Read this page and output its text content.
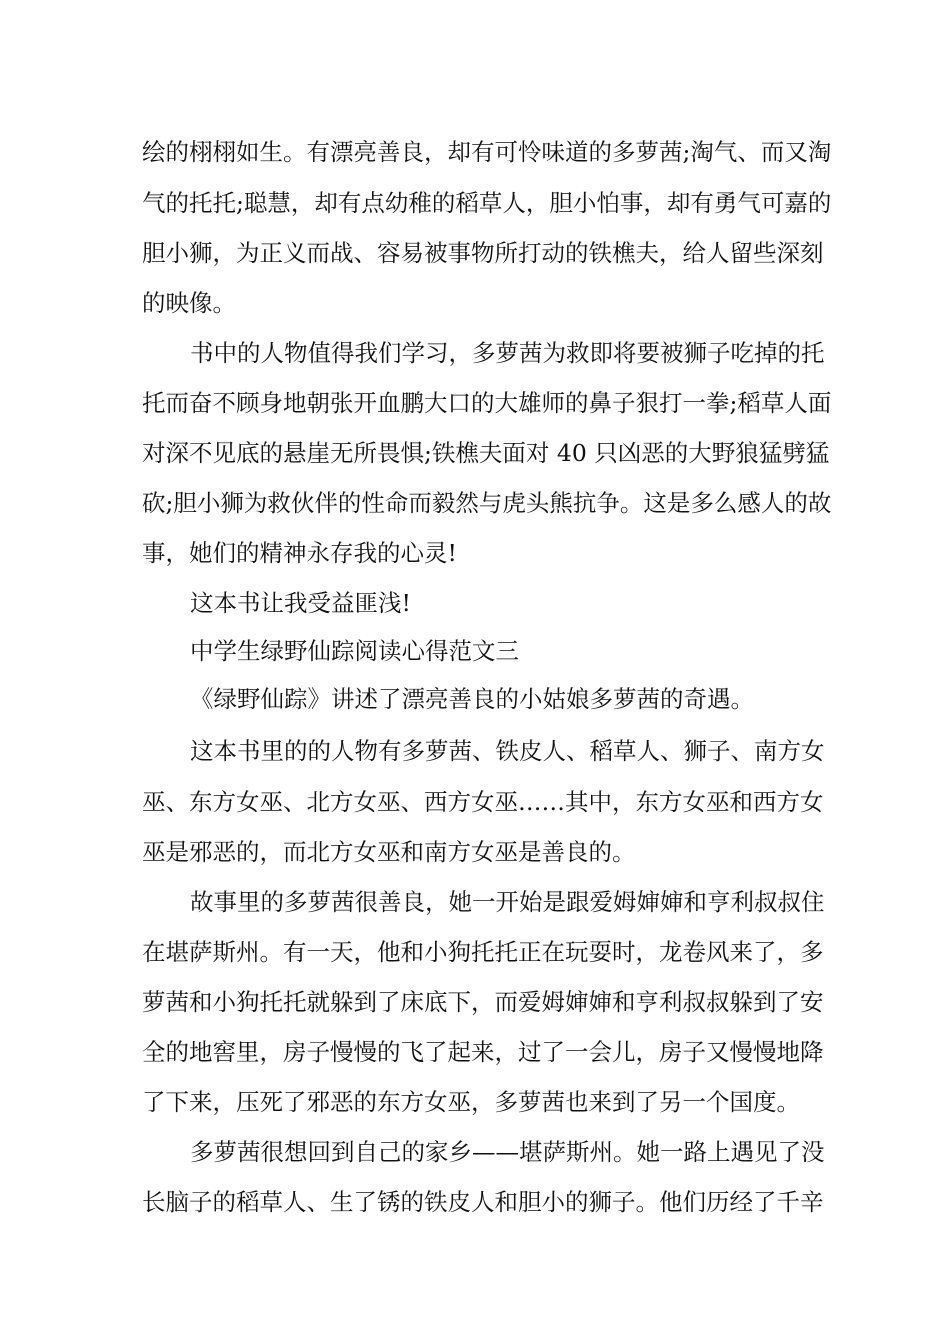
绘的栩栩如生。有漂亮善良，却有可怜味道的多萝茜;淘气、而又淘
气的托托;聪慧，却有点幼稚的稻草人，胆小怕事，却有勇气可嘉的
胆小狮，为正义而战、容易被事物所打动的铁樵夫，给人留些深刻
的映像。
书中的人物值得我们学习，多萝茜为救即将要被狮子吃掉的托
托而奋不顾身地朝张开血鹏大口的大雄师的鼻子狠打一拳;稻草人面
对深不见底的悬崖无所畏惧;铁樵夫面对 40 只凶恶的大野狼猛劈猛
砍;胆小狮为救伙伴的性命而毅然与虎头熊抗争。这是多么感人的故
事，她们的精神永存我的心灵!
这本书让我受益匪浅!
中学生绿野仙踪阅读心得范文三
《绿野仙踪》讲述了漂亮善良的小姑娘多萝茜的奇遇。
这本书里的的人物有多萝茜、铁皮人、稻草人、狮子、南方女
巫、东方女巫、北方女巫、西方女巫……其中，东方女巫和西方女
巫是邪恶的，而北方女巫和南方女巫是善良的。
故事里的多萝茜很善良，她一开始是跟爱姆婶婶和亨利叔叔住
在堪萨斯州。有一天，他和小狗托托正在玩耍时，龙卷风来了，多
萝茜和小狗托托就躲到了床底下，而爱姆婶婶和亨利叔叔躲到了安
全的地窖里，房子慢慢的飞了起来，过了一会儿，房子又慢慢地降
了下来，压死了邪恶的东方女巫，多萝茜也来到了另一个国度。
多萝茜很想回到自己的家乡——堪萨斯州。她一路上遇见了没
长脑子的稻草人、生了锈的铁皮人和胆小的狮子。他们历经了千辛
